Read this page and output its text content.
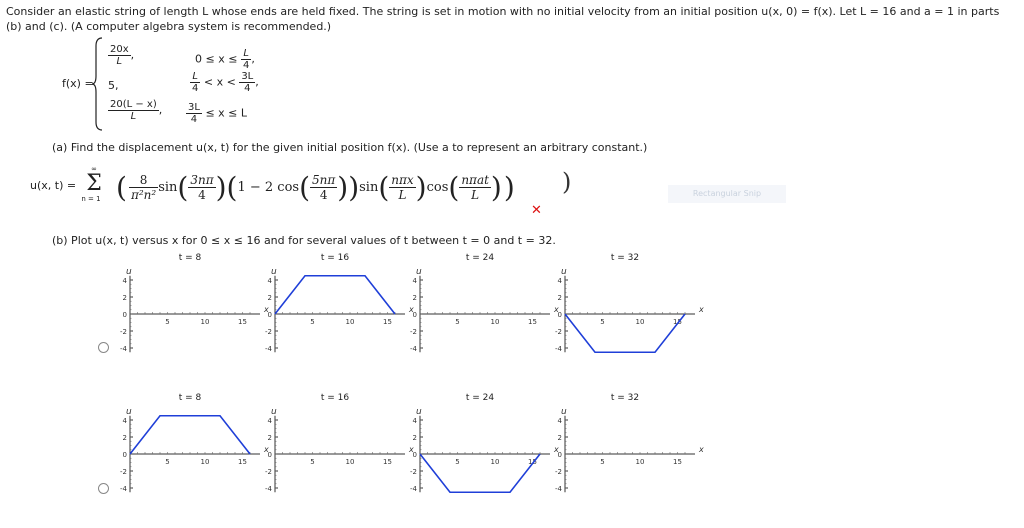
Consider an elastic string of length L whose ends are held fixed. The string is set in motion with no initial velocity from an initial position u(x, 0) = f(x). Let L = 16 and a = 1 in parts
(b) and (c). (A computer algebra system is recommended.)
f(x) =
$\frac{20x}{L}$ ,	$0 \le x \le \frac{L}{4}$ ,
5,	$\frac{L}{4} < x < \frac{3L}{4}$ ,
$\frac{20(L - x)}{L}$ , $\frac{3L}{4} \le x \le L$
(a) Find the displacement u(x, t) for the given initial position f(x). (Use a to represent an arbitrary constant.)
u(x, t) =
∞
Σ
n = 1 ( $\frac{8}{\text{π²n²}}$ sin ( $\frac{3n\pi}{4}$ ) ( 1 − 2 cos ( $\frac{5n\pi}{4}$ ) ) sin ( $\frac{\text{nπx}}{L}$ ) cos ( $\frac{\text{nπat}}{L}$ ) ) )
✕
Rectangular Snip
(b) Plot u(x, t) versus x for 0 ≤ x ≤ 16 and for several values of t between t = 0 and t = 32.
t = 8
u
4
2
0
-2
-4
5	10	15
x
t = 16
u
4
2
0
-2
-4
5	10	15
x
t = 24
u
4
2
0
-2
-4
5	10	15
x
t = 32
u
4
2
0
-2
-4
5	10	15
x
t = 8
u
4
2
0
-2
-4
5	10	15
x
t = 16
u
4
2
0
-2
-4
5	10	15
x
t = 24
u
4
2
0
-2
-4
5	10	15
x
t = 32
u
4
2
0
-2
-4
5	10	15
x
